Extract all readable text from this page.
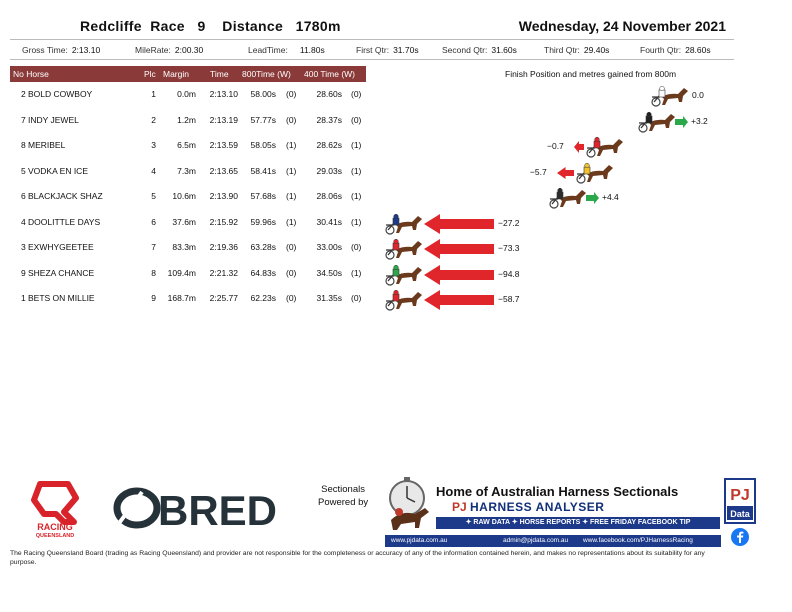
Redcliffe  Race   9    Distance   1780m	Wednesday, 24 November 2021
Gross Time: 2:13.10	MileRate: 2:00.30	LeadTime: 11.80s	First Qtr: 31.70s	Second Qtr: 31.60s	Third Qtr: 29.40s	Fourth Qtr: 28.60s
No Horse	Plc Margin Time 800Time (W) 400 Time (W)
2 BOLD COWBOY	1	0.0m	2:13.10	58.00s (0)	28.60s (0)
7 INDY JEWEL	2	1.2m	2:13.19	57.77s (0)	28.37s (0)
8 MERIBEL	3	6.5m	2:13.59	58.05s (1)	28.62s (1)
5 VODKA EN ICE	4	7.3m	2:13.65	58.41s (1)	29.03s (1)
6 BLACKJACK SHAZ	5	10.6m	2:13.90	57.68s (1)	28.06s (1)
4 DOOLITTLE DAYS	6	37.6m	2:15.92	59.96s (1)	30.41s (1)
3 EXWHYGEETEE	7	83.3m	2:19.36	63.28s (0)	33.00s (0)
9 SHEZA CHANCE	8	109.4m	2:21.32	64.83s (0)	34.50s (1)
1 BETS ON MILLIE	9	168.7m	2:25.77	62.23s (0)	31.35s (0)
Finish Position and metres gained from 800m
0.0
+3.2
−0.7
−5.7
+4.4
−27.2
−73.3
−94.8
−58.7
RACING
QUEENSLAND
BRED	Sectionals
Powered by
Home of Australian Harness Sectionals
PJ HARNESS ANALYSER
✦ RAW DATA ✦ HORSE REPORTS ✦ FREE FRIDAY FACEBOOK TIP
www.pjdata.com.au	admin@pjdata.com.au www.facebook.com/PJHarnessRacing
PJ
Data
The Racing Queensland Board (trading as Racing Queensland) and provider are not responsible for the completeness or accuracy of any of the information contained herein, and makes no representations about its suitability for any purpose.
